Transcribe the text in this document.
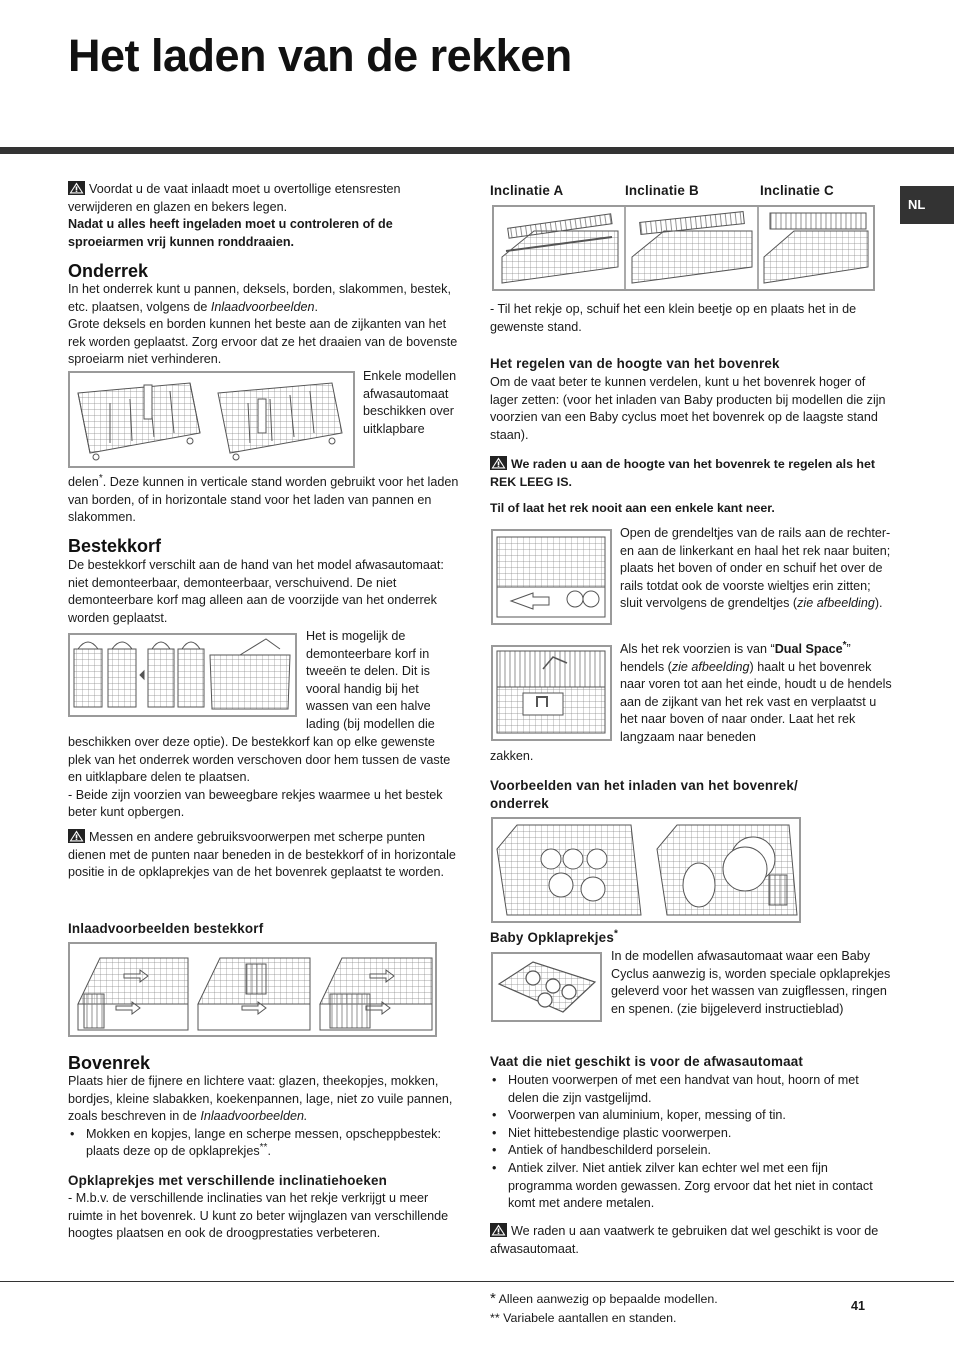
Het laden van de rekken
NL

Voordat u de vaat inlaadt moet u overtollige etensresten verwijderen en glazen en bekers legen.

Nadat u alles heeft ingeladen moet u controleren of de sproeiarmen vrij kunnen ronddraaien.

Onderrek

In het onderrek kunt u pannen, deksels, borden, slakommen, bestek, etc. plaatsen, volgens de Inlaadvoorbeelden.

Grote deksels en borden kunnen het beste aan de zijkanten van het rek worden geplaatst. Zorg ervoor dat ze het draaien van de bovenste sproeiarm niet verhinderen.

Enkele modellen afwasautomaat beschikken over uitklapbare
delen*. Deze kunnen in verticale stand worden gebruikt voor het laden van borden, of in horizontale stand voor het laden van pannen en slakommen.
Bestekkorf
De bestekkorf verschilt aan de hand van het model afwasautomaat: niet demonteerbaar, demonteerbaar, verschuivend. De niet demonteerbare korf mag alleen aan de voorzijde van het onderrek worden geplaatst.
Het is mogelijk de demonteerbare korf in tweeën te delen. Dit is vooral handig bij het wassen van een halve lading (bij modellen die

beschikken over deze optie). De bestekkorf kan op elke gewenste plek van het onderrek worden verschoven door hem tussen de vaste en uitklapbare delen te plaatsen.

- Beide zijn voorzien van beweegbare rekjes waarmee u het bestek beter kunt opbergen.

Messen en andere gebruiksvoorwerpen met scherpe punten dienen met de punten naar beneden in de bestekkorf of in horizontale positie in de opklaprekjes van de het bovenrek geplaatst te worden.
Inlaadvoorbeelden bestekkorf
Bovenrek

Plaats hier de fijnere en lichtere vaat: glazen, theekopjes, mokken, bordjes, kleine slabakken, koekenpannen, lage, niet zo vuile pannen, zoals beschreven in de Inlaadvoorbeelden.

• Mokken en kopjes, lange en scherpe messen, opscheppbestek: plaats deze op de opklaprekjes**.
Opklaprekjes met verschillende inclinatiehoeken
- M.b.v. de verschillende inclinaties van het rekje verkrijgt u meer ruimte in het bovenrek. U kunt zo beter wijnglazen van verschillende hoogtes plaatsen en ook de droogprestaties verbeteren.
Inclinatie A	Inclinatie B	Inclinatie C
- Til het rekje op, schuif het een klein beetje op en plaats het in de gewenste stand.
Het regelen van de hoogte van het bovenrek
Om de vaat beter te kunnen verdelen, kunt u het bovenrek hoger of lager zetten: (voor het inladen van Baby producten bij modellen die zijn voorzien van een Baby cyclus moet het bovenrek op de laagste stand staan).
We raden u aan de hoogte van het bovenrek te regelen als het REK LEEG IS.
Til of laat het rek nooit aan een enkele kant neer.
Open de grendeltjes van de rails aan de rechter- en aan de linkerkant en haal het rek naar buiten; plaats het boven of onder en schuif het over de rails totdat ook de voorste wieltjes erin zitten; sluit vervolgens de grendeltjes (zie afbeelding).
Als het rek voorzien is van “Dual Space*” hendels (zie afbeelding) haalt u het bovenrek naar voren tot aan het einde, houdt u de hendels aan de zijkant van het rek vast en verplaatst u het naar boven of naar onder. Laat het rek langzaam naar beneden
zakken.
Voorbeelden van het inladen van het bovenrek/ onderrek
Baby Opklaprekjes*
In de modellen afwasautomaat waar een Baby Cyclus aanwezig is, worden speciale opklaprekjes geleverd voor het wassen van zuigflessen, ringen en spenen. (zie bijgeleverd instructieblad)
Vaat die niet geschikt is voor de afwasautomaat
• Houten voorwerpen of met een handvat van hout, hoorn of met delen die zijn vastgelijmd.
• Voorwerpen van aluminium, koper, messing of tin.
• Niet hittebestendige plastic voorwerpen.
• Antiek of handbeschilderd porselein.
• Antiek zilver. Niet antiek zilver kan echter wel met een fijn programma worden gewassen. Zorg ervoor dat het niet in contact komt met andere metalen.
We raden u aan vaatwerk te gebruiken dat wel geschikt is voor de afwasautomaat.
* Alleen aanwezig op bepaalde modellen.
** Variabele aantallen en standen.
41
